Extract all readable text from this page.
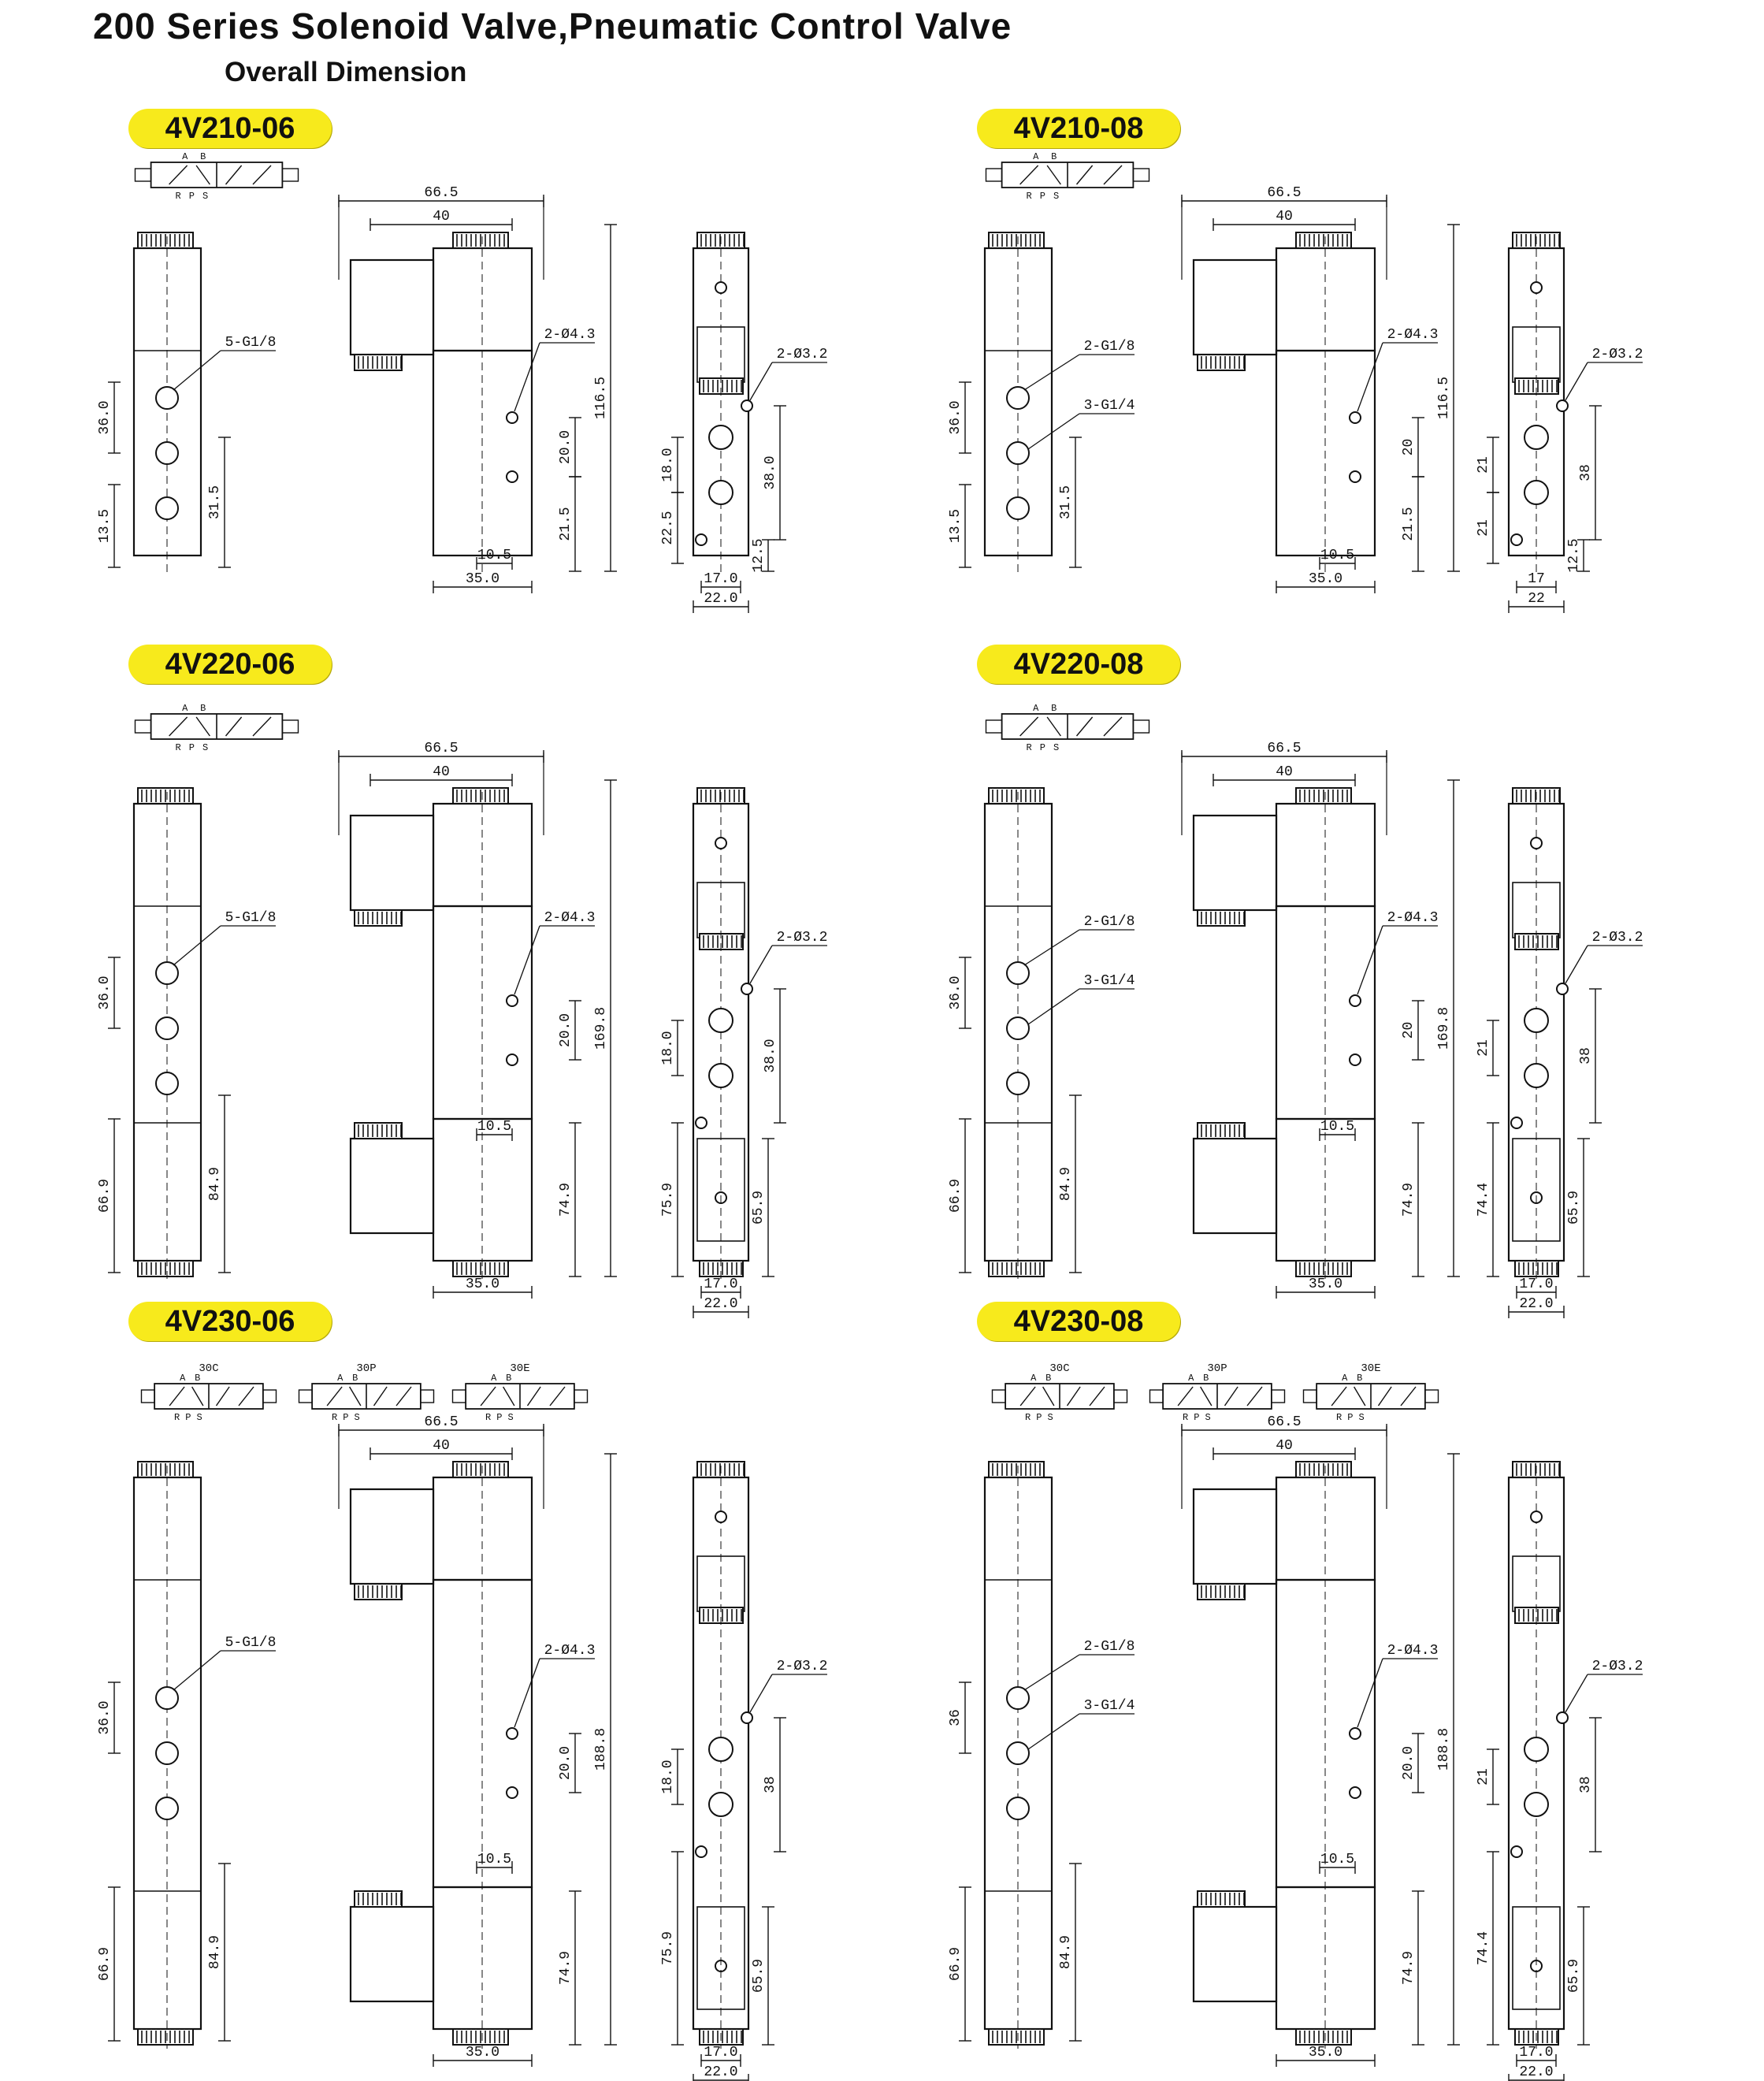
200 Series Solenoid Valve,Pneumatic Control Valve
Overall Dimension
4V210-06	4V210-08
4V220-06	4V220-08
4V230-06	4V230-08
A B
R P S
5-G1/8
36.0
13.5
31.5
66.5
40
2-Ø4.3
20.0
116.5
21.5
10.5
35.0
2-Ø3.2
18.0	38.0
22.5
12.5
17.0
22.0
A B
R P S
2-G1/8
3-G1/4
36.0
13.5
31.5
66.5
40
2-Ø4.3
20
116.5
21.5
10.5
35.0
2-Ø3.2
21	38
21
12.5
17
22
A B
R P S
5-G1/8
36.0
66.9	84.9
66.5
40
2-Ø4.3
20.0 169.8
10.5
74.9
35.0
2-Ø3.2
18.0	38.0
75.9	65.9
17.0
22.0
A B
R P S
2-G1/8
3-G1/4
36.0
66.9	84.9
66.5
40
2-Ø4.3
20 169.8
10.5
74.9
35.0
2-Ø3.2
21	38
74.4	65.9
17.0
22.0
30C
A B
R P S
30P
A B
R P S
30E
A B
R P S
5-G1/8
36.0
66.9	84.9
66.5
40
2-Ø4.3
20.0 188.8
10.5
74.9
35.0
2-Ø3.2
18.0	38
75.9
65.9
17.0
22.0
30C
A B
R P S
30P
A B
R P S
30E
A B
R P S
2-G1/8
3-G1/4
36
66.9	84.9
66.5
40
2-Ø4.3
20.0 188.8
10.5
74.9
35.0
2-Ø3.2
21	38
74.4
65.9
17.0
22.0
